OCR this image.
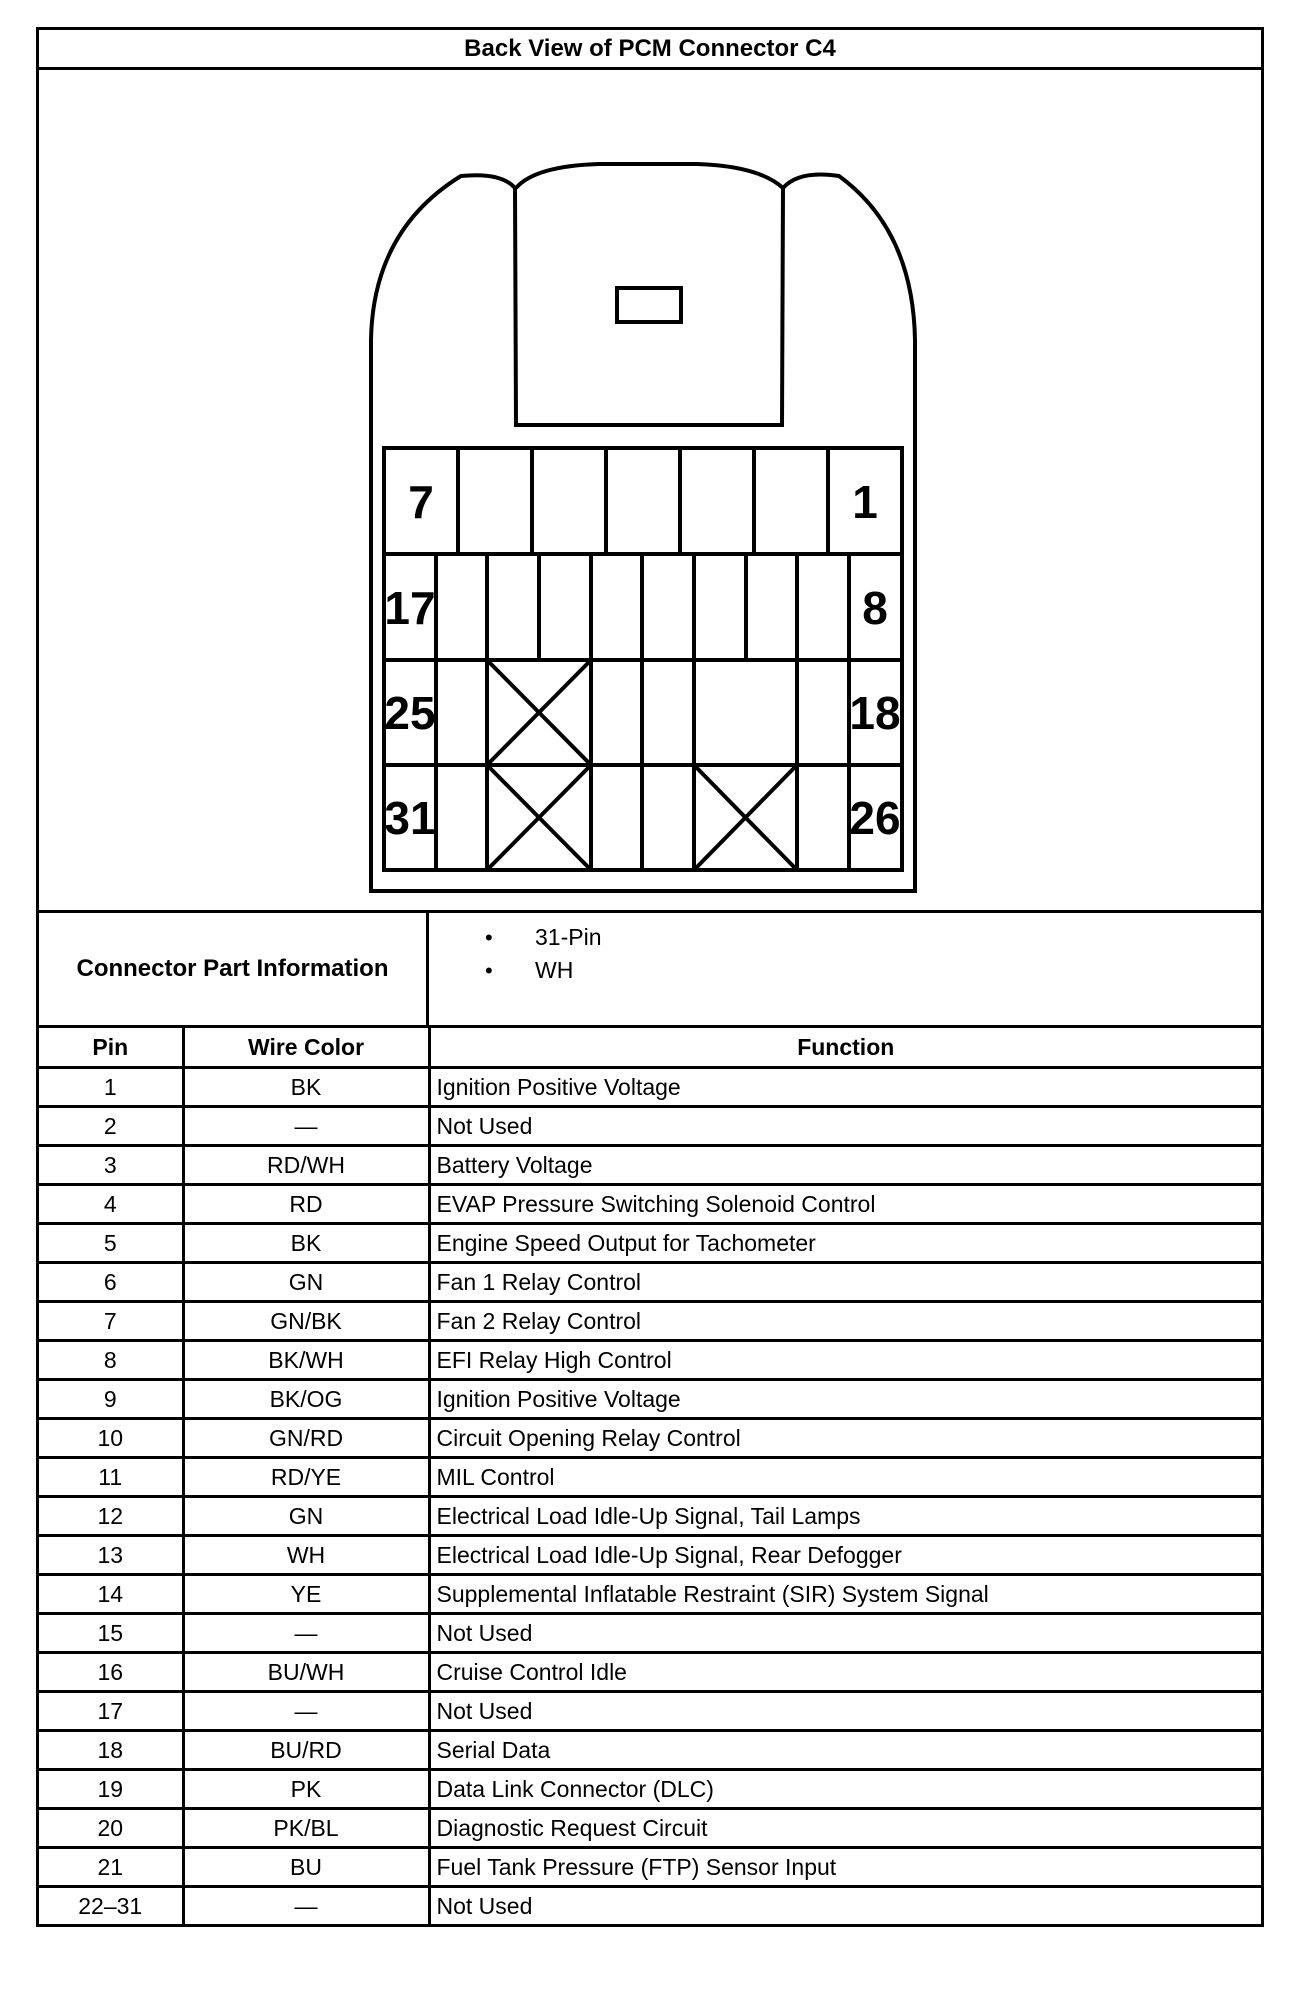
Back View of PCM Connector C4
7	1
17	8
25	18
31	26
Connector Part Information
• 31-Pin
• WH
Pin	Wire Color	Function
1	BK	Ignition Positive Voltage
2	—	Not Used
3	RD/WH	Battery Voltage
4	RD	EVAP Pressure Switching Solenoid Control
5	BK	Engine Speed Output for Tachometer
6	GN	Fan 1 Relay Control
7	GN/BK	Fan 2 Relay Control
8	BK/WH	EFI Relay High Control
9	BK/OG	Ignition Positive Voltage
10	GN/RD	Circuit Opening Relay Control
11	RD/YE	MIL Control
12	GN	Electrical Load Idle-Up Signal, Tail Lamps
13	WH	Electrical Load Idle-Up Signal, Rear Defogger
14	YE	Supplemental Inflatable Restraint (SIR) System Signal
15	—	Not Used
16	BU/WH	Cruise Control Idle
17	—	Not Used
18	BU/RD	Serial Data
19	PK	Data Link Connector (DLC)
20	PK/BL	Diagnostic Request Circuit
21	BU	Fuel Tank Pressure (FTP) Sensor Input
22–31	—	Not Used
